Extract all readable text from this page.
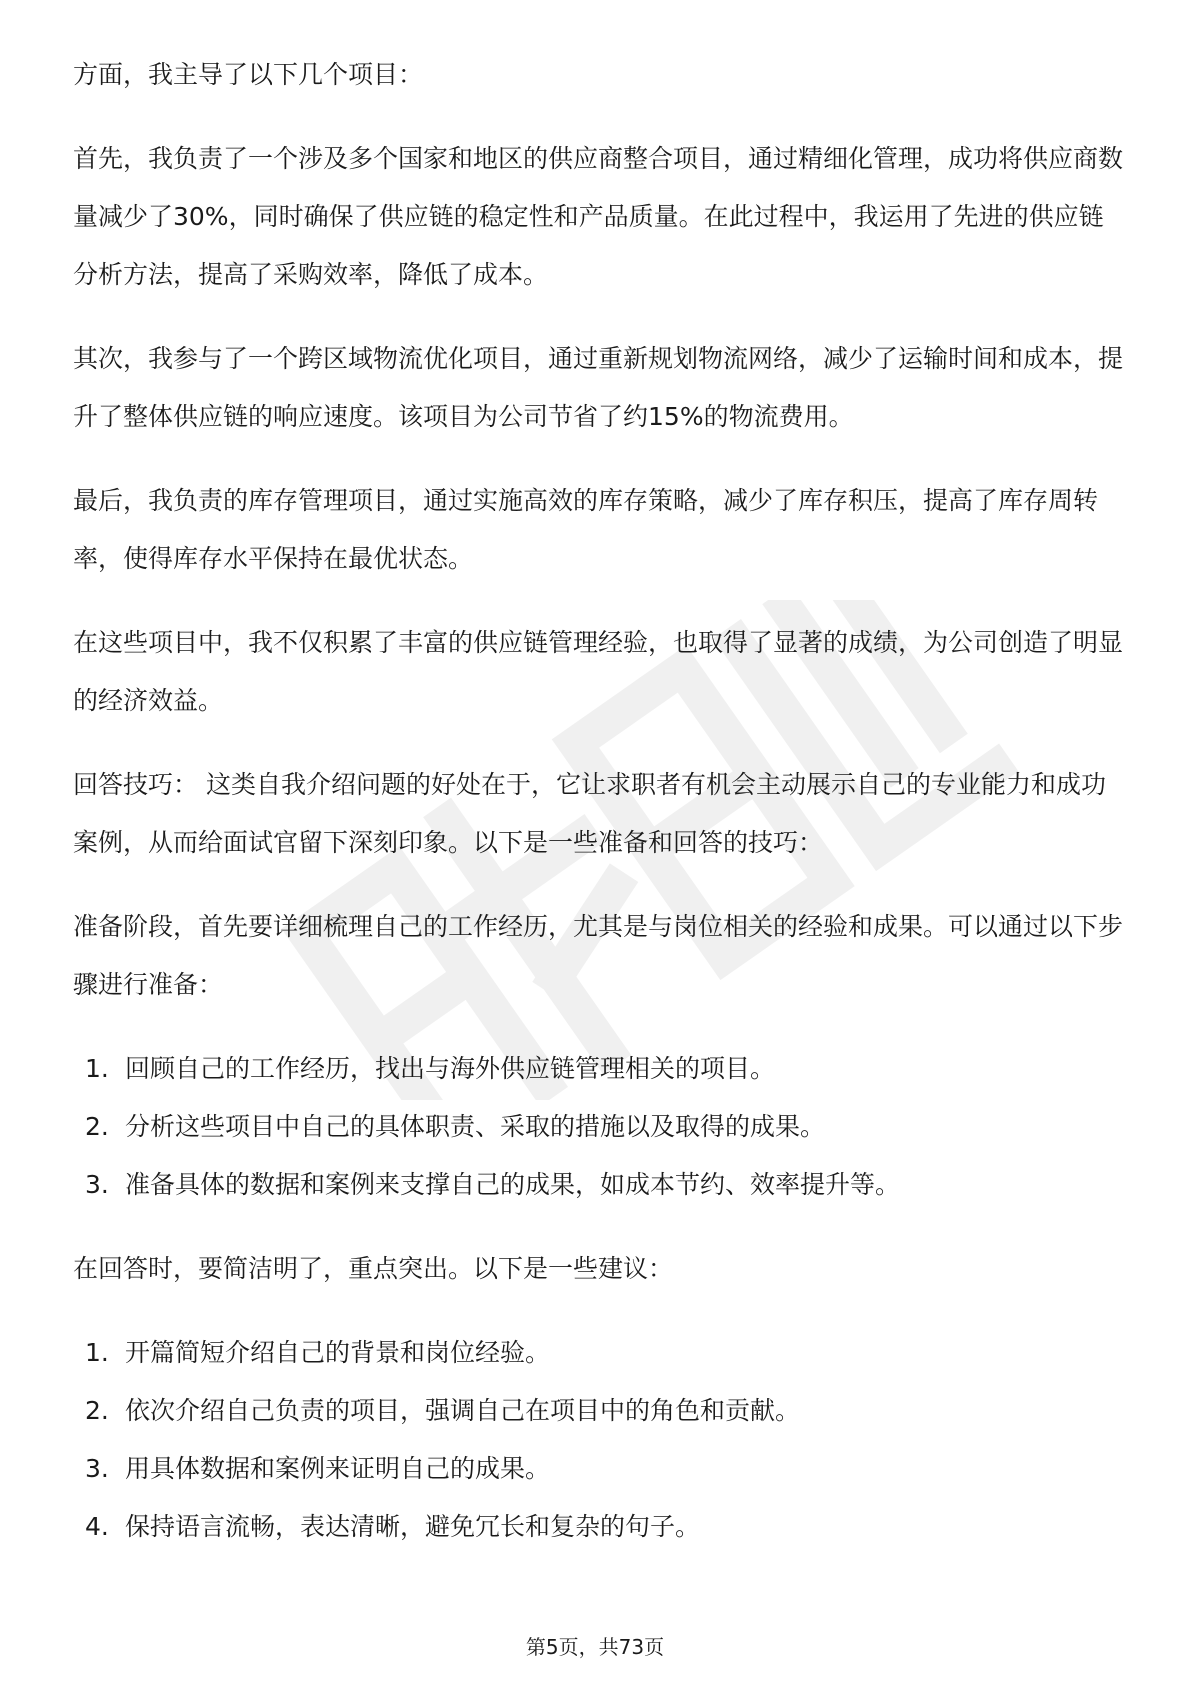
方面，我主导了以下几个项目：

首先，我负责了一个涉及多个国家和地区的供应商整合项目，通过精细化管理，成功将供应商数量减少了30%，同时确保了供应链的稳定性和产品质量。在此过程中，我运用了先进的供应链分析方法，提高了采购效率，降低了成本。

其次，我参与了一个跨区域物流优化项目，通过重新规划物流网络，减少了运输时间和成本，提升了整体供应链的响应速度。该项目为公司节省了约15%的物流费用。

最后，我负责的库存管理项目，通过实施高效的库存策略，减少了库存积压，提高了库存周转率，使得库存水平保持在最优状态。

在这些项目中，我不仅积累了丰富的供应链管理经验，也取得了显著的成绩，为公司创造了明显的经济效益。

回答技巧： 这类自我介绍问题的好处在于，它让求职者有机会主动展示自己的专业能力和成功案例，从而给面试官留下深刻印象。以下是一些准备和回答的技巧：

准备阶段，首先要详细梳理自己的工作经历，尤其是与岗位相关的经验和成果。可以通过以下步骤进行准备：

1. 回顾自己的工作经历，找出与海外供应链管理相关的项目。
2. 分析这些项目中自己的具体职责、采取的措施以及取得的成果。
3. 准备具体的数据和案例来支撑自己的成果，如成本节约、效率提升等。

在回答时，要简洁明了，重点突出。以下是一些建议：

1. 开篇简短介绍自己的背景和岗位经验。
2. 依次介绍自己负责的项目，强调自己在项目中的角色和贡献。
3. 用具体数据和案例来证明自己的成果。
4. 保持语言流畅，表达清晰，避免冗长和复杂的句子。
第5页，共73页
